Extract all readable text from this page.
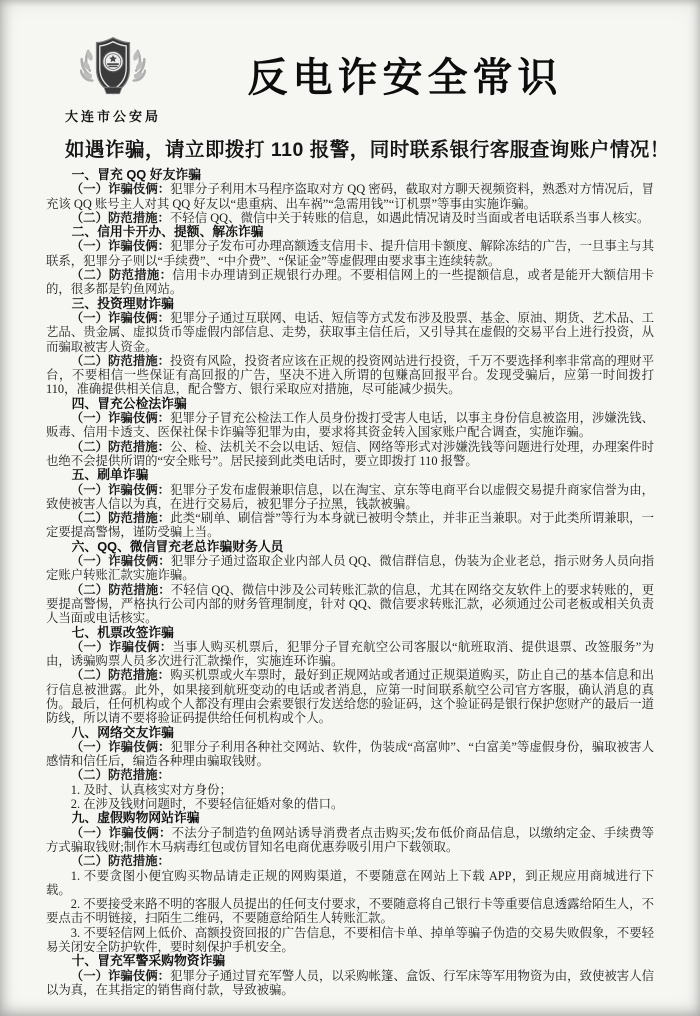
大连市公安局
反电诈安全常识
如遇诈骗，请立即拨打 110 报警，同时联系银行客服查询账户情况！
一、冒充 QQ 好友诈骗

（一）诈骗伎俩：犯罪分子利用木马程序盗取对方 QQ 密码，截取对方聊天视频资料，熟悉对方情况后，冒充该 QQ 账号主人对其 QQ 好友以“患重病、出车祸”“急需用钱”“订机票”等事由实施诈骗。

（二）防范措施：不轻信 QQ、微信中关于转账的信息，如遇此情况请及时当面或者电话联系当事人核实。

二、信用卡开办、提额、解冻诈骗

（一）诈骗伎俩：犯罪分子发布可办理高额透支信用卡、提升信用卡额度、解除冻结的广告，一旦事主与其联系，犯罪分子则以“手续费”、“中介费”、“保证金”等虚假理由要求事主连续转款。

（二）防范措施：信用卡办理请到正规银行办理。不要相信网上的一些提额信息，或者是能开大额信用卡的，很多都是钓鱼网站。

三、投资理财诈骗

（一）诈骗伎俩：犯罪分子通过互联网、电话、短信等方式发布涉及股票、基金、原油、期货、艺术品、工艺品、贵金属、虚拟货币等虚假内部信息、走势，获取事主信任后，又引导其在虚假的交易平台上进行投资，从而骗取被害人资金。

（二）防范措施：投资有风险，投资者应该在正规的投资网站进行投资，千万不要选择利率非常高的理财平台，不要相信一些保证有高回报的广告，坚决不进入所谓的包赚高回报平台。发现受骗后，应第一时间拨打 110，准确提供相关信息，配合警方、银行采取应对措施，尽可能减少损失。

四、冒充公检法诈骗

（一）诈骗伎俩：犯罪分子冒充公检法工作人员身份拨打受害人电话，以事主身份信息被盗用，涉嫌洗钱、贩毒、信用卡透支、医保社保卡诈骗等犯罪为由，要求将其资金转入国家账户配合调查，实施诈骗。

（二）防范措施：公、检、法机关不会以电话、短信、网络等形式对涉嫌洗钱等问题进行处理，办理案件时也绝不会提供所谓的“安全账号”。居民接到此类电话时，要立即拨打 110 报警。

五、刷单诈骗

（一）诈骗伎俩：犯罪分子发布虚假兼职信息，以在淘宝、京东等电商平台以虚假交易提升商家信誉为由，致使被害人信以为真，在进行交易后，被犯罪分子拉黑，钱款被骗。

（二）防范措施：此类“刷单、刷信誉”等行为本身就已被明令禁止，并非正当兼职。对于此类所谓兼职，一定要提高警惕，谨防受骗上当。

六、QQ、微信冒充老总诈骗财务人员

（一）诈骗伎俩：犯罪分子通过盗取企业内部人员 QQ、微信群信息，伪装为企业老总，指示财务人员向指定账户转账汇款实施诈骗。

（二）防范措施：不轻信 QQ、微信中涉及公司转账汇款的信息，尤其在网络交友软件上的要求转账的，更要提高警惕，严格执行公司内部的财务管理制度，针对 QQ、微信要求转账汇款，必须通过公司老板或相关负责人当面或电话核实。

七、机票改签诈骗

（一）诈骗伎俩：当事人购买机票后，犯罪分子冒充航空公司客服以“航班取消、提供退票、改签服务”为由，诱骗购票人员多次进行汇款操作，实施连环诈骗。

（二）防范措施：购买机票或火车票时，最好到正规网站或者通过正规渠道购买，防止自己的基本信息和出行信息被泄露。此外，如果接到航班变动的电话或者消息，应第一时间联系航空公司官方客服，确认消息的真伪。最后，任何机构或个人都没有理由会索要银行发送给您的验证码，这个验证码是银行保护您财产的最后一道防线，所以请不要将验证码提供给任何机构或个人。

八、网络交友诈骗

（一）诈骗伎俩：犯罪分子利用各种社交网站、软件，伪装成“高富帅”、“白富美”等虚假身份，骗取被害人感情和信任后，编造各种理由骗取钱财。

（二）防范措施：

1. 及时、认真核实对方身份；

2. 在涉及钱财问题时，不要轻信征婚对象的借口。

九、虚假购物网站诈骗

（一）诈骗伎俩：不法分子制造钓鱼网站诱导消费者点击购买;发布低价商品信息，以缴纳定金、手续费等方式骗取钱财;制作木马病毒红包或仿冒知名电商优惠券吸引用户下载领取。

（二）防范措施：

1. 不要贪图小便宜购买物品请走正规的网购渠道，不要随意在网站上下载 APP，到正规应用商城进行下载。

2. 不要接受来路不明的客服人员提出的任何支付要求，不要随意将自己银行卡等重要信息透露给陌生人，不要点击不明链接，扫陌生二维码，不要随意给陌生人转账汇款。

3. 不要轻信网上低价、高额投资回报的广告信息，不要相信卡单、掉单等骗子伪造的交易失败假象，不要轻易关闭安全防护软件，要时刻保护手机安全。

十、冒充军警采购物资诈骗

（一）诈骗伎俩：犯罪分子通过冒充军警人员，以采购帐篷、盒饭、行军床等军用物资为由，致使被害人信以为真，在其指定的销售商付款，导致被骗。
